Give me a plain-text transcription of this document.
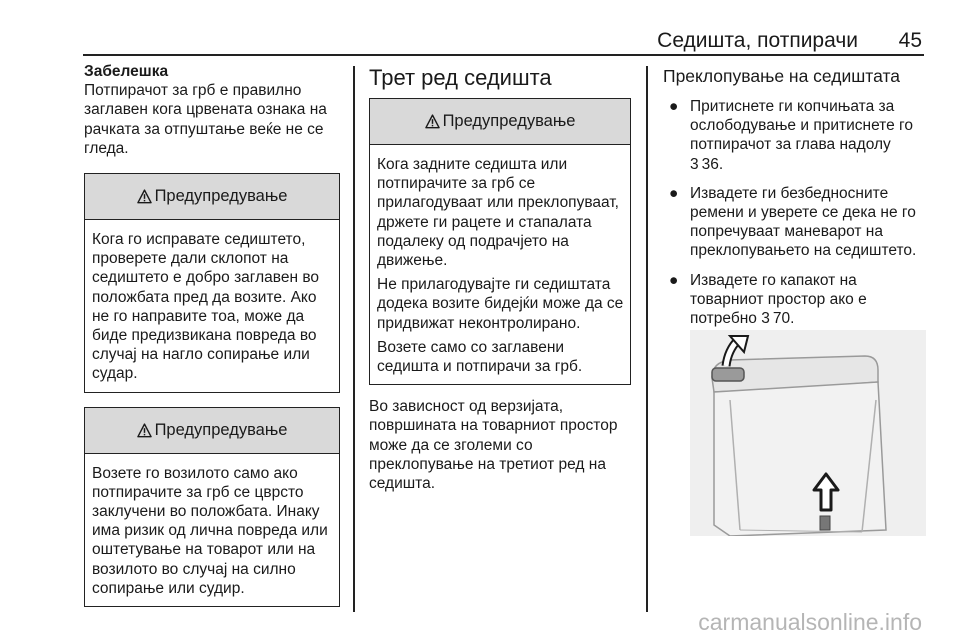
Седишта, потпирачи 45
Забелешка

Потпирачот за грб е правилно заглавен кога црвената ознака на рачката за отпуштање веќе не се гледа.

Предупредување

Кога го исправате седиштето, проверете дали склопот на седиштето е добро заглавен во положбата пред да возите. Ако не го направите тоа, може да биде предизвикана повреда во случај на нагло сопирање или судар.

Предупредување

Возете го возилото само ако потпирачите за грб се цврсто заклучени во положбата. Инаку има ризик од лична повреда или оштетување на товарот или на возилото во случај на силно сопирање или судир.

Трет ред седишта
Предупредување

Кога задните седишта или потпирачите за грб се прилагодуваат или преклопуваат, држете ги рацете и стапалата подалеку од подрачјето на движење.

Не прилагодувајте ги седиштата додека возите бидејќи може да се придвижат неконтролирано.

Возете само со заглавени седишта и потпирачи за грб.

Во зависност од верзијата, површината на товарниот простор може да се зголеми со преклопување на третиот ред на седишта.

Преклопување на седиштата
● Притиснете ги копчињата за ослободување и притиснете го потпирачот за глава надолу
3 36.
● Извадете ги безбедносните ремени и уверете се дека не го попречуваат маневарот на преклопувањето на седиштето.
● Извадете го капакот на товарниот простор ако е потребно 3 70.
carmanualsonline.info
